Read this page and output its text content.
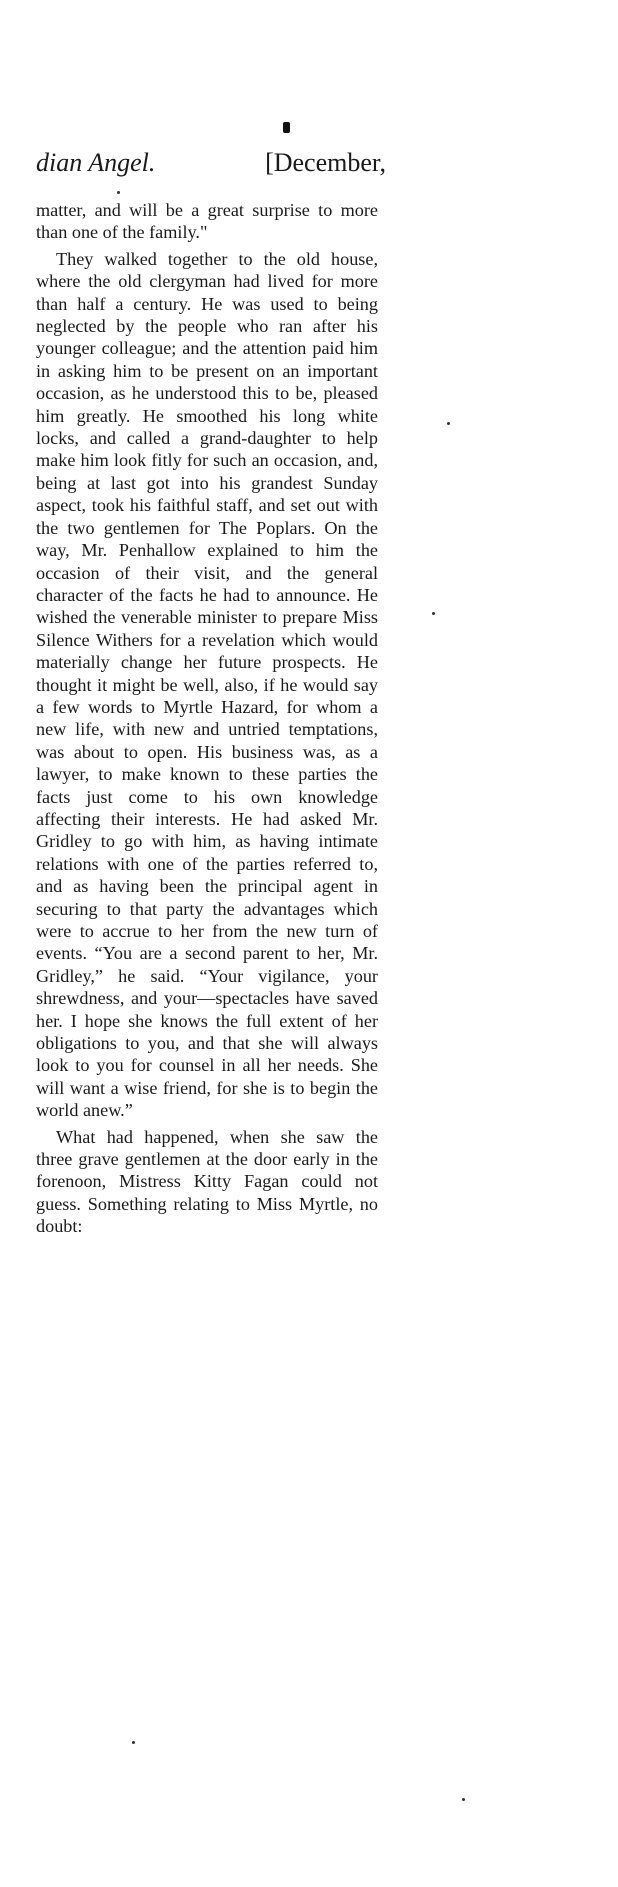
dian Angel.	[December,

matter, and will be a great surprise to more than one of the family."

They walked together to the old house, where the old clergyman had lived for more than half a century. He was used to being neglected by the people who ran after his younger colleague; and the attention paid him in asking him to be present on an important occasion, as he understood this to be, pleased him greatly. He smoothed his long white locks, and called a grand-daughter to help make him look fitly for such an occasion, and, being at last got into his grandest Sunday aspect, took his faithful staff, and set out with the two gentlemen for The Poplars. On the way, Mr. Penhallow explained to him the occasion of their visit, and the general character of the facts he had to announce. He wished the venerable minister to prepare Miss Silence Withers for a revelation which would materially change her future prospects. He thought it might be well, also, if he would say a few words to Myrtle Hazard, for whom a new life, with new and untried temptations, was about to open. His business was, as a lawyer, to make known to these parties the facts just come to his own knowledge affecting their interests. He had asked Mr. Gridley to go with him, as having intimate relations with one of the parties referred to, and as having been the principal agent in securing to that party the advantages which were to accrue to her from the new turn of events. “You are a second parent to her, Mr. Gridley,” he said. “Your vigilance, your shrewdness, and your—spectacles have saved her. I hope she knows the full extent of her obligations to you, and that she will always look to you for counsel in all her needs. She will want a wise friend, for she is to begin the world anew.”

What had happened, when she saw the three grave gentlemen at the door early in the forenoon, Mistress Kitty Fagan could not guess. Something relating to Miss Myrtle, no doubt:
